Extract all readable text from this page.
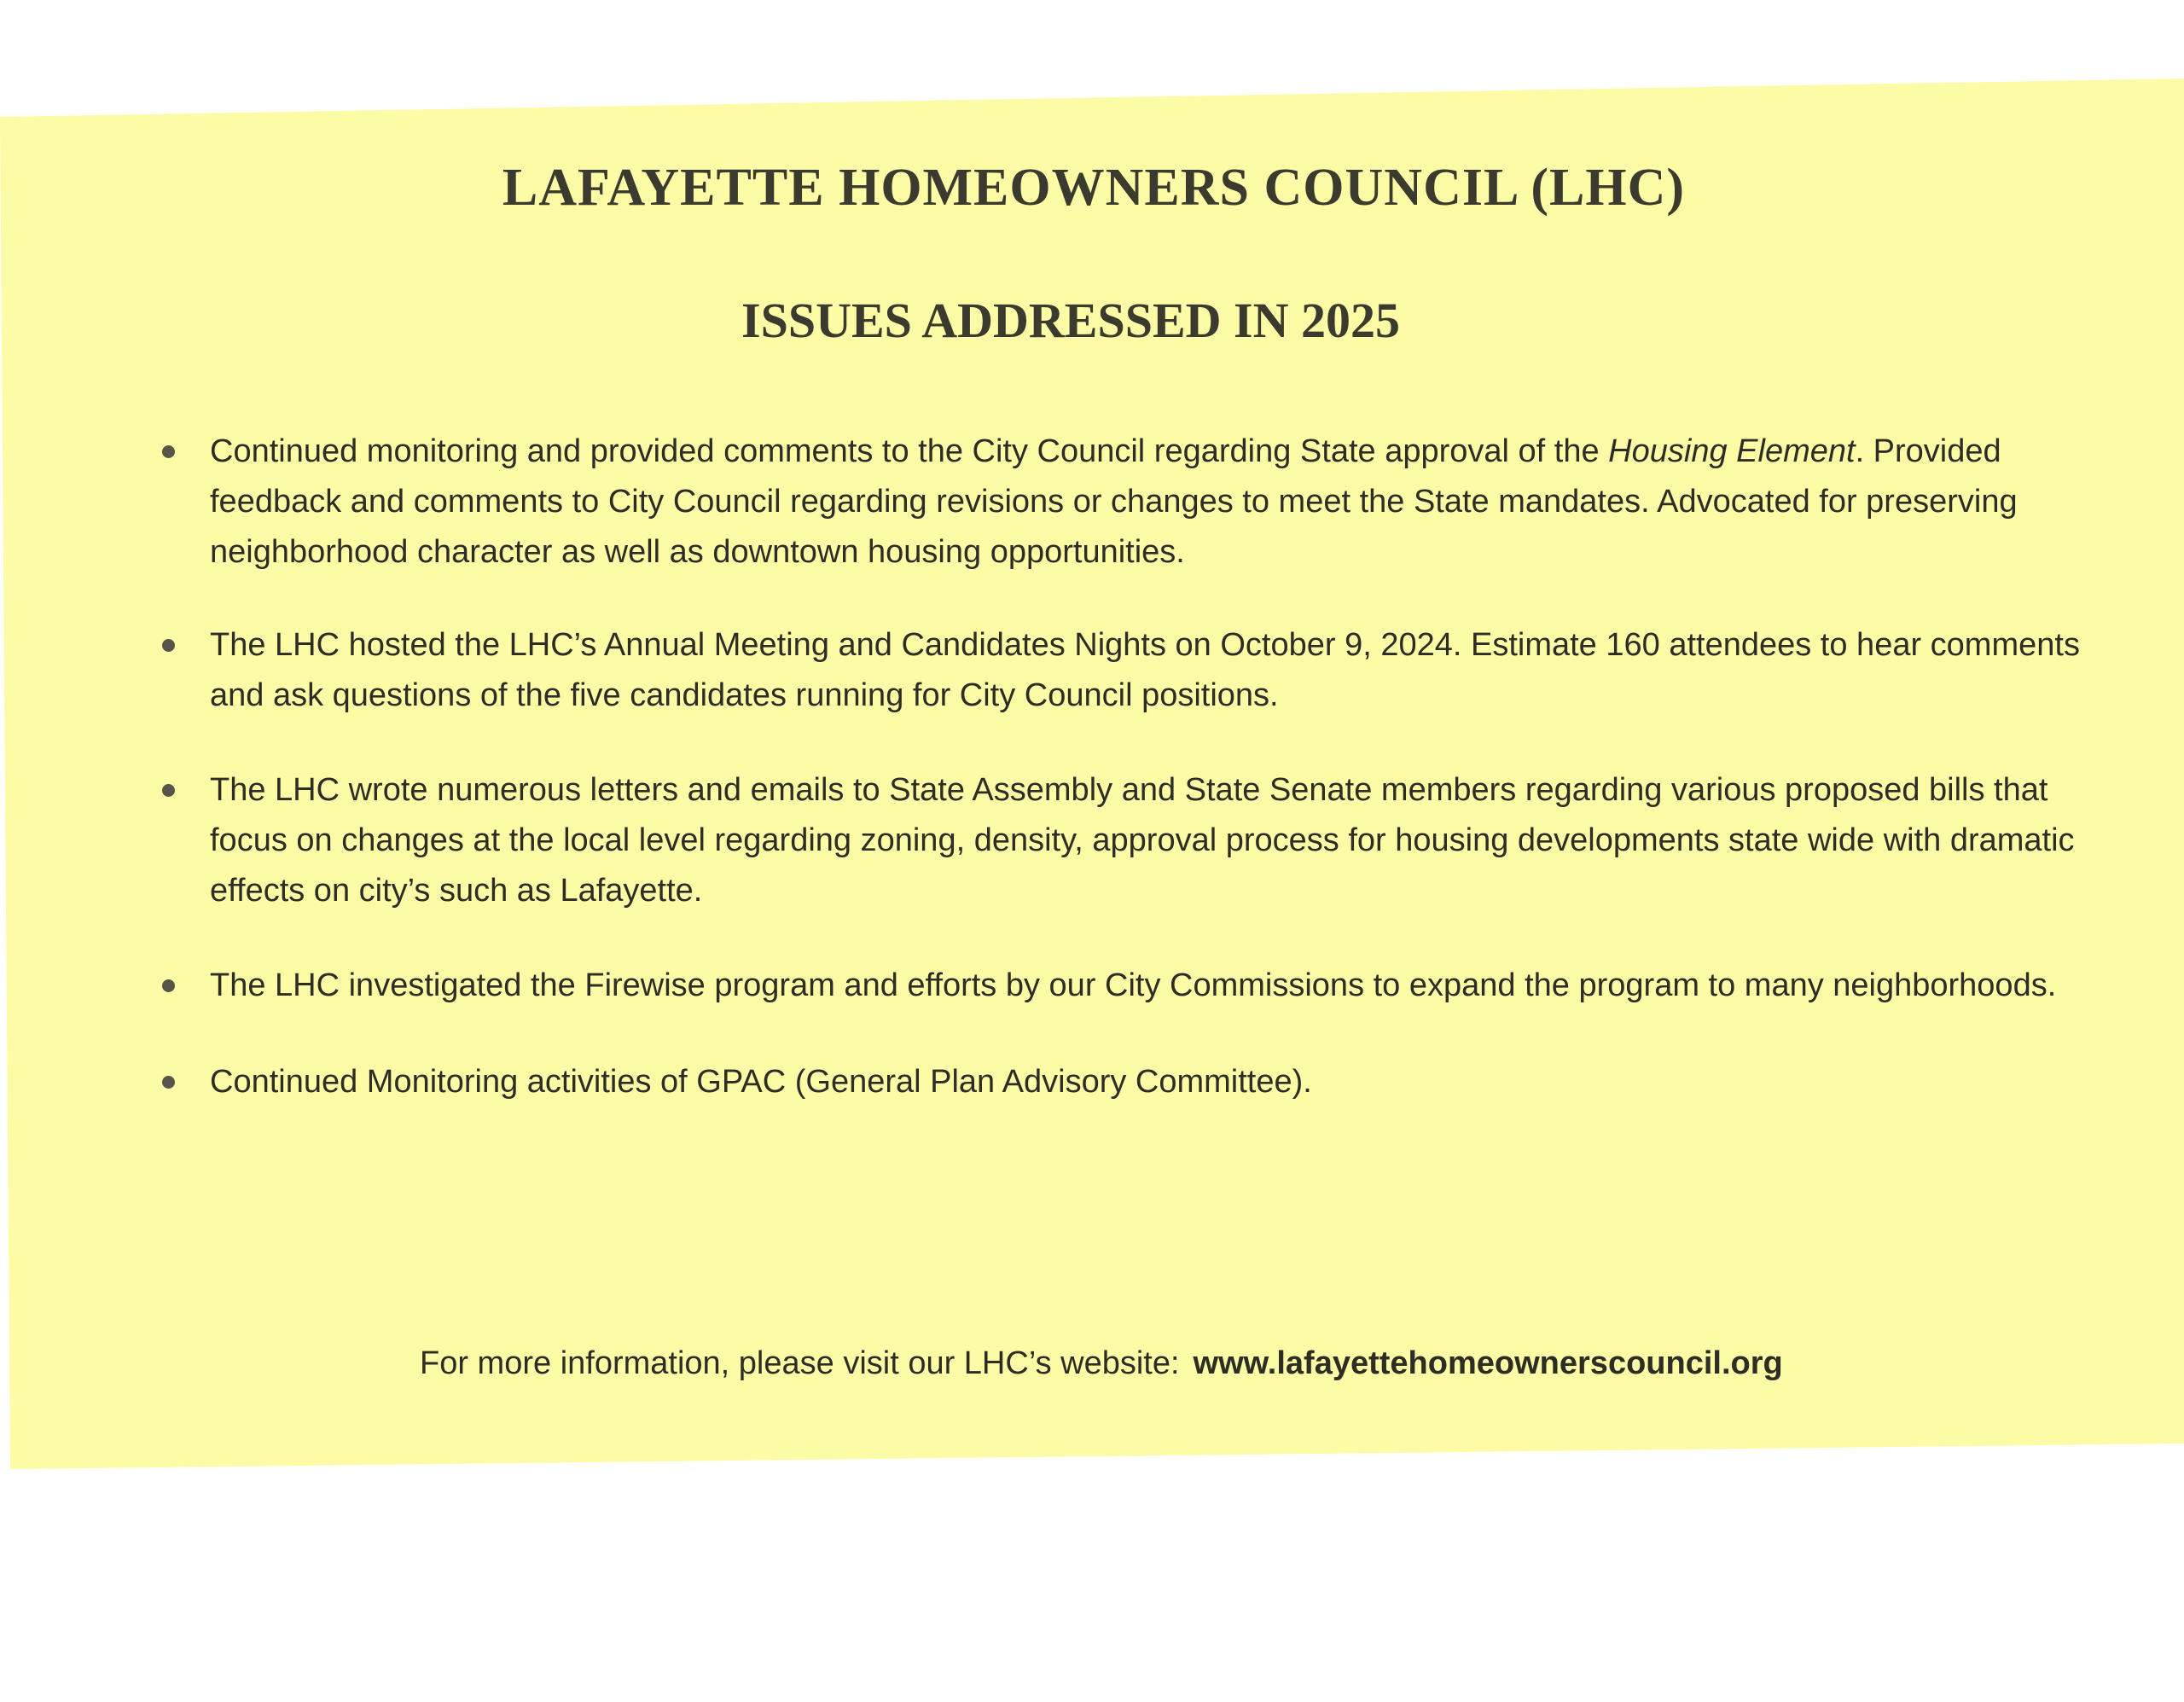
LAFAYETTE HOMEOWNERS COUNCIL (LHC)
ISSUES ADDRESSED IN 2025
Continued monitoring and provided comments to the City Council regarding State approval of the Housing Element. Provided feedback and comments to City Council regarding revisions or changes to meet the State mandates. Advocated for preserving neighborhood character as well as downtown housing opportunities.
The LHC hosted the LHC’s Annual Meeting and Candidates Nights on October 9, 2024. Estimate 160 attendees to hear comments and ask questions of the five candidates running for City Council positions.
The LHC wrote numerous letters and emails to State Assembly and State Senate members regarding various proposed bills that focus on changes at the local level regarding zoning, density, approval process for housing developments state wide with dramatic effects on city’s such as Lafayette.
The LHC investigated the Firewise program and efforts by our City Commissions to expand the program to many neighborhoods.
Continued Monitoring activities of GPAC (General Plan Advisory Committee).

For more information, please visit our LHC’s website: www.lafayettehomeownerscouncil.org
